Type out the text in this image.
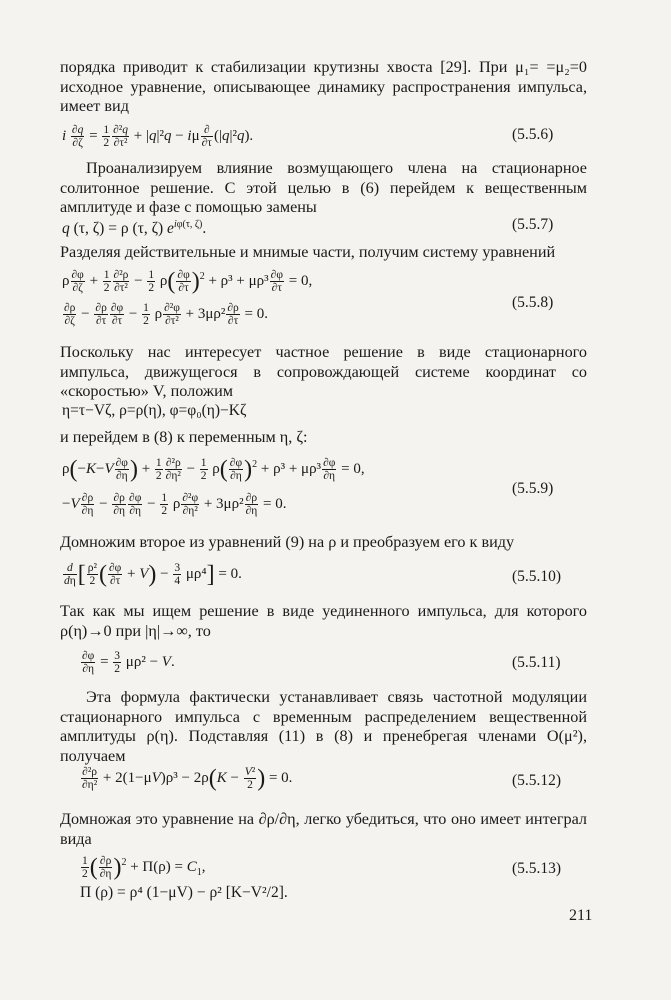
порядка приводит к стабилизации крутизны хвоста [29]. При μ₁= =μ₂=0 исходное уравнение, описывающее динамику распространения импульса, имеет вид

i $\frac{\partial q}{\partial\zeta} = \frac{1}{2} \frac{\text{∂²q}}{\text{∂τ²}} + |q|^2q - i\mu$ ∂
∂τ (|q|²q).	(5.5.6)

Проанализируем влияние возмущающего члена на стационарное солитонное решение. С этой целью в (6) перейдем к вещественным амплитуде и фазе с помощью замены

q (τ, ζ) = ρ (τ, ζ) $e^{i\varphi(\tau, \zeta)}$.	(5.5.7)

Разделяя действительные и мнимые части, получим систему уравнений

ρ $\frac{\partial\varphi}{\partial\zeta} + \frac{1}{2} \frac{\text{∂²ρ}}{\text{∂τ²}} - \frac{1}{2} \rho( \frac{\partial\varphi}{\partial\tau} )^2 + \rho^3 + \mu\rho^3 \frac{\partial\varphi}{\partial\tau} = 0$,
$\frac{\partial\rho}{\partial\zeta} - \frac{\partial\rho}{\partial\tau} \frac{\partial\varphi}{\partial\tau} - \frac{1}{2}$ ρ $\frac{\text{∂²φ}}{\text{∂τ²}} + 3\mu\rho^2 \frac{\partial\rho}{\partial\tau} = 0$.
(5.5.8)

Поскольку нас интересует частное решение в виде стационарного импульса, движущегося в сопровождающей системе координат со «скоростью» V, положим

η=τ−Vζ, ρ=ρ(η), φ=φ₀(η)−Kζ

и перейдем в (8) к переменным η, ζ:

$\rho(-K-V \frac{\partial\varphi}{\partial\eta}$ ) + $\frac{1}{2} \frac{\text{∂²ρ}}{\text{∂η²}} - \frac{1}{2} \rho( \frac{\partial\varphi}{\partial\eta} )^2 + \rho^3 + \mu\rho^3 \frac{\partial\varphi}{\partial\eta} = 0$,
$-V \frac{\partial\rho}{\partial\eta} - \frac{\partial\rho}{\partial\eta} \frac{\partial\varphi}{\partial\eta} - \frac{1}{2}$ ρ $\frac{\text{∂²φ}}{\text{∂η²}} + 3\mu\rho^2 \frac{\partial\rho}{\partial\eta} = 0$.
(5.5.9)

Домножим второе из уравнений (9) на ρ и преобразуем его к виду

$\frac{d}{d\eta}$ [ $\frac{\text{ρ²}}{2}$ ( $\frac{\partial\varphi}{\partial\tau} + V) - \frac{3}{4} \mu\rho^4] = 0$.	(5.5.10)

Так как мы ищем решение в виде уединенного импульса, для которого ρ(η)→0 при |η|→∞, то

$\frac{\partial\varphi}{\partial\eta} = \frac{3}{2} \mu\rho^2 - V$.	(5.5.11)

Эта формула фактически устанавливает связь частотной модуляции стационарного импульса с временным распределением вещественной амплитуды ρ(η). Подставляя (11) в (8) и пренебрегая членами O(μ²), получаем

$\frac{\text{∂²ρ}}{\text{∂η²}} + 2(1-\mu V)\rho^3 - 2\rho(K - \frac{\text{V²}}{2}$ ) = 0.	(5.5.12)

Домножая это уравнение на ∂ρ/∂η, легко убедиться, что оно имеет интеграл вида

$\frac{1}{2}$ ( $\frac{\partial\rho}{\partial\eta} )^2 + \Pi(\rho) = C_1$,
Π (ρ) = ρ⁴ (1−μV) − ρ² [K−V²/2].
(5.5.13)
211
